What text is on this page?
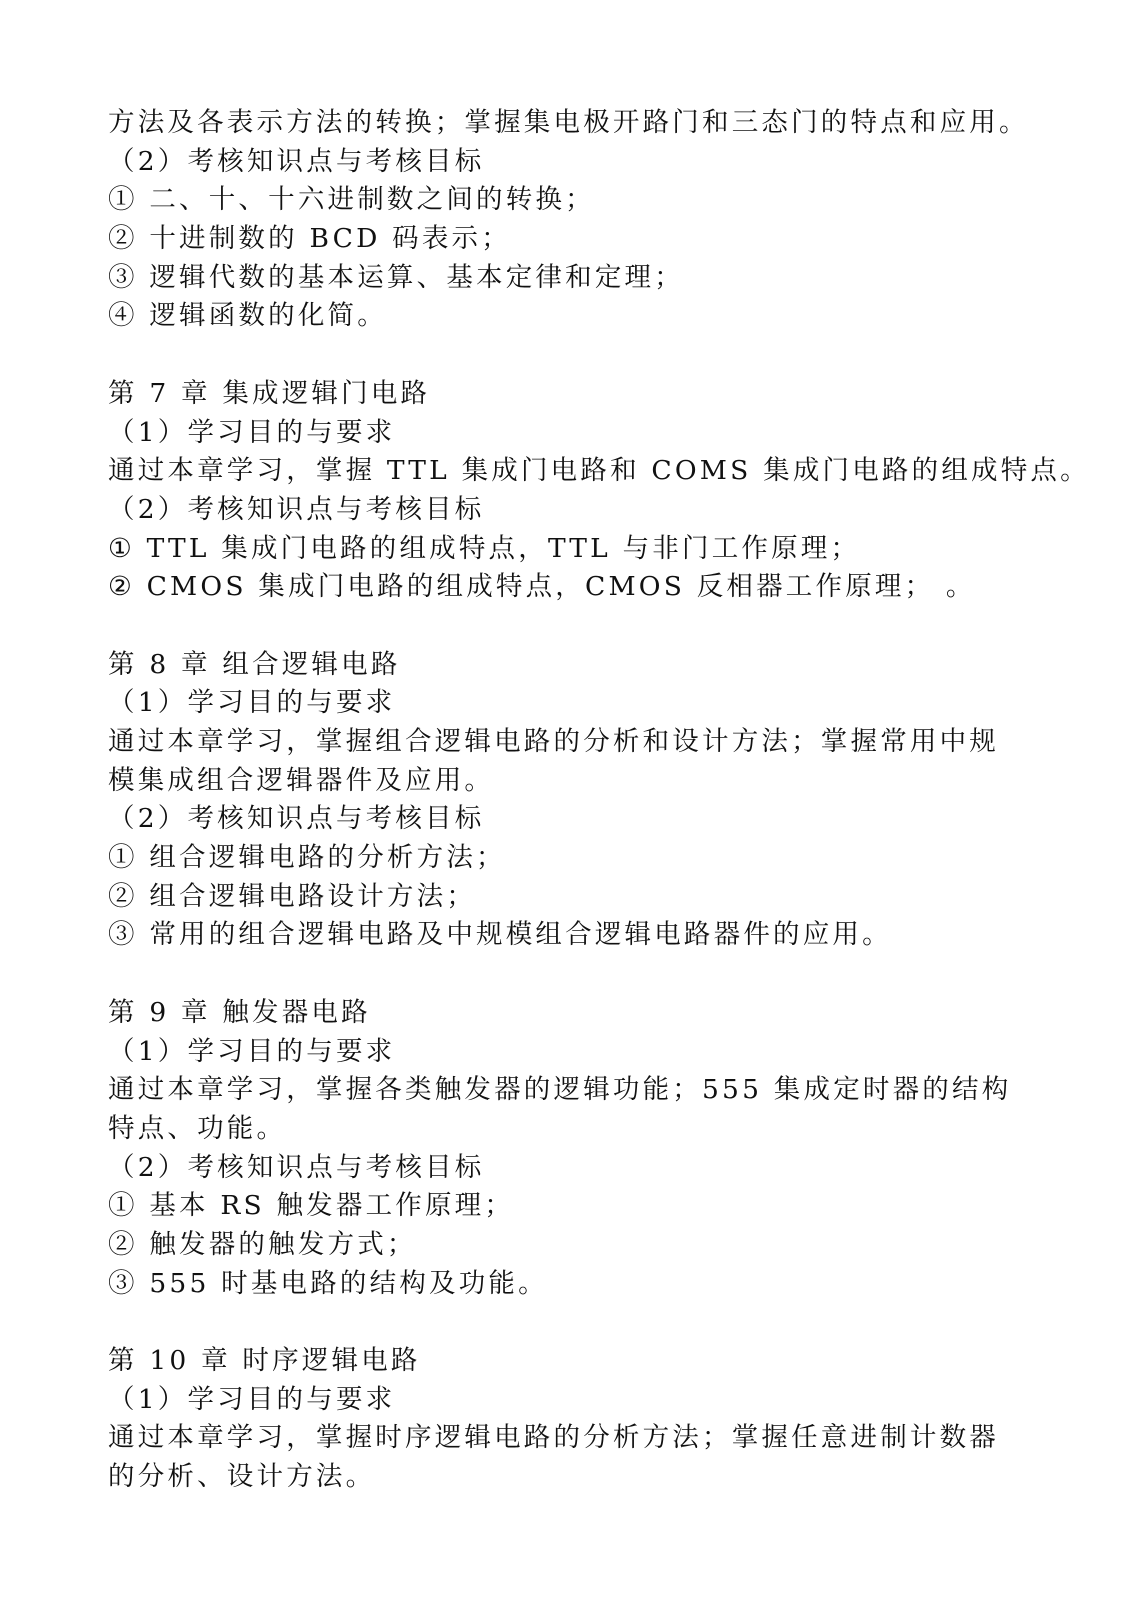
方法及各表示方法的转换；掌握集电极开路门和三态门的特点和应用。
（2）考核知识点与考核目标
① 二、十、十六进制数之间的转换；
② 十进制数的 BCD 码表示；
③ 逻辑代数的基本运算、基本定律和定理；
④ 逻辑函数的化简。
第 7 章 集成逻辑门电路
（1）学习目的与要求
通过本章学习，掌握 TTL 集成门电路和 COMS 集成门电路的组成特点。
（2）考核知识点与考核目标
① TTL 集成门电路的组成特点，TTL 与非门工作原理；
② CMOS 集成门电路的组成特点，CMOS 反相器工作原理； 。
第 8 章 组合逻辑电路
（1）学习目的与要求
通过本章学习，掌握组合逻辑电路的分析和设计方法；掌握常用中规
模集成组合逻辑器件及应用。
（2）考核知识点与考核目标
① 组合逻辑电路的分析方法；
② 组合逻辑电路设计方法；
③ 常用的组合逻辑电路及中规模组合逻辑电路器件的应用。
第 9 章 触发器电路
（1）学习目的与要求
通过本章学习，掌握各类触发器的逻辑功能；555 集成定时器的结构
特点、功能。
（2）考核知识点与考核目标
① 基本 RS 触发器工作原理；
② 触发器的触发方式；
③ 555 时基电路的结构及功能。
第 10 章 时序逻辑电路
（1）学习目的与要求
通过本章学习，掌握时序逻辑电路的分析方法；掌握任意进制计数器
的分析、设计方法。
